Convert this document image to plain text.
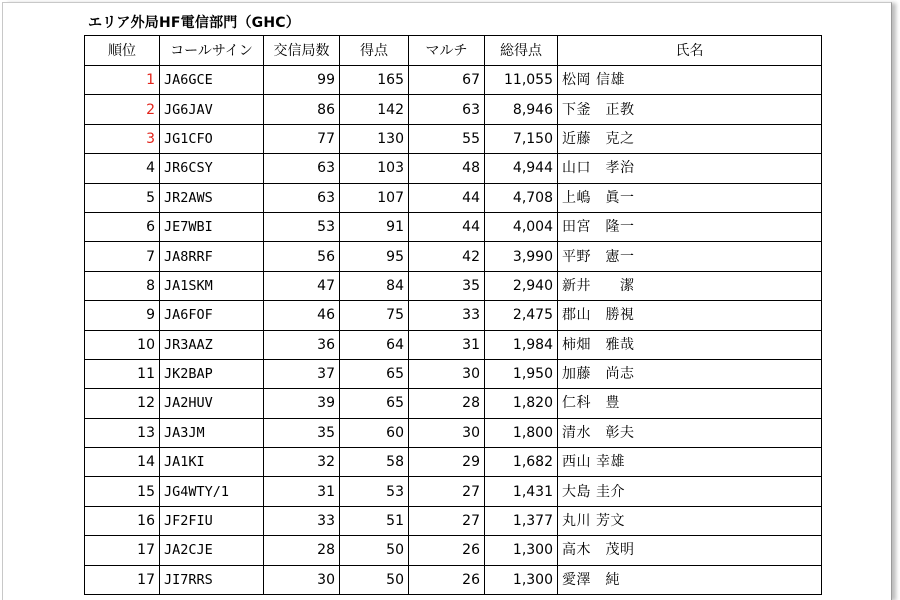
エリア外局HF電信部門（GHC）
順位	コールサイン	交信局数	得点	マルチ	総得点	氏名
1	JA6GCE	99	165	67	11,055	松岡 信雄
2	JG6JAV	86	142	63	8,946	下釜　正教
3	JG1CFO	77	130	55	7,150	近藤　克之
4	JR6CSY	63	103	48	4,944	山口　孝治
5	JR2AWS	63	107	44	4,708	上嶋　眞一
6	JE7WBI	53	91	44	4,004	田宮　隆一
7	JA8RRF	56	95	42	3,990	平野　憲一
8	JA1SKM	47	84	35	2,940	新井　　潔
9	JA6FOF	46	75	33	2,475	郡山　勝視
10	JR3AAZ	36	64	31	1,984	柿畑　雅哉
11	JK2BAP	37	65	30	1,950	加藤　尚志
12	JA2HUV	39	65	28	1,820	仁科　豊
13	JA3JM	35	60	30	1,800	清水　彰夫
14	JA1KI	32	58	29	1,682	西山 幸雄
15	JG4WTY/1	31	53	27	1,431	大島 圭介
16	JF2FIU	33	51	27	1,377	丸川 芳文
17	JA2CJE	28	50	26	1,300	高木　茂明
17	JI7RRS	30	50	26	1,300	愛澤　純
